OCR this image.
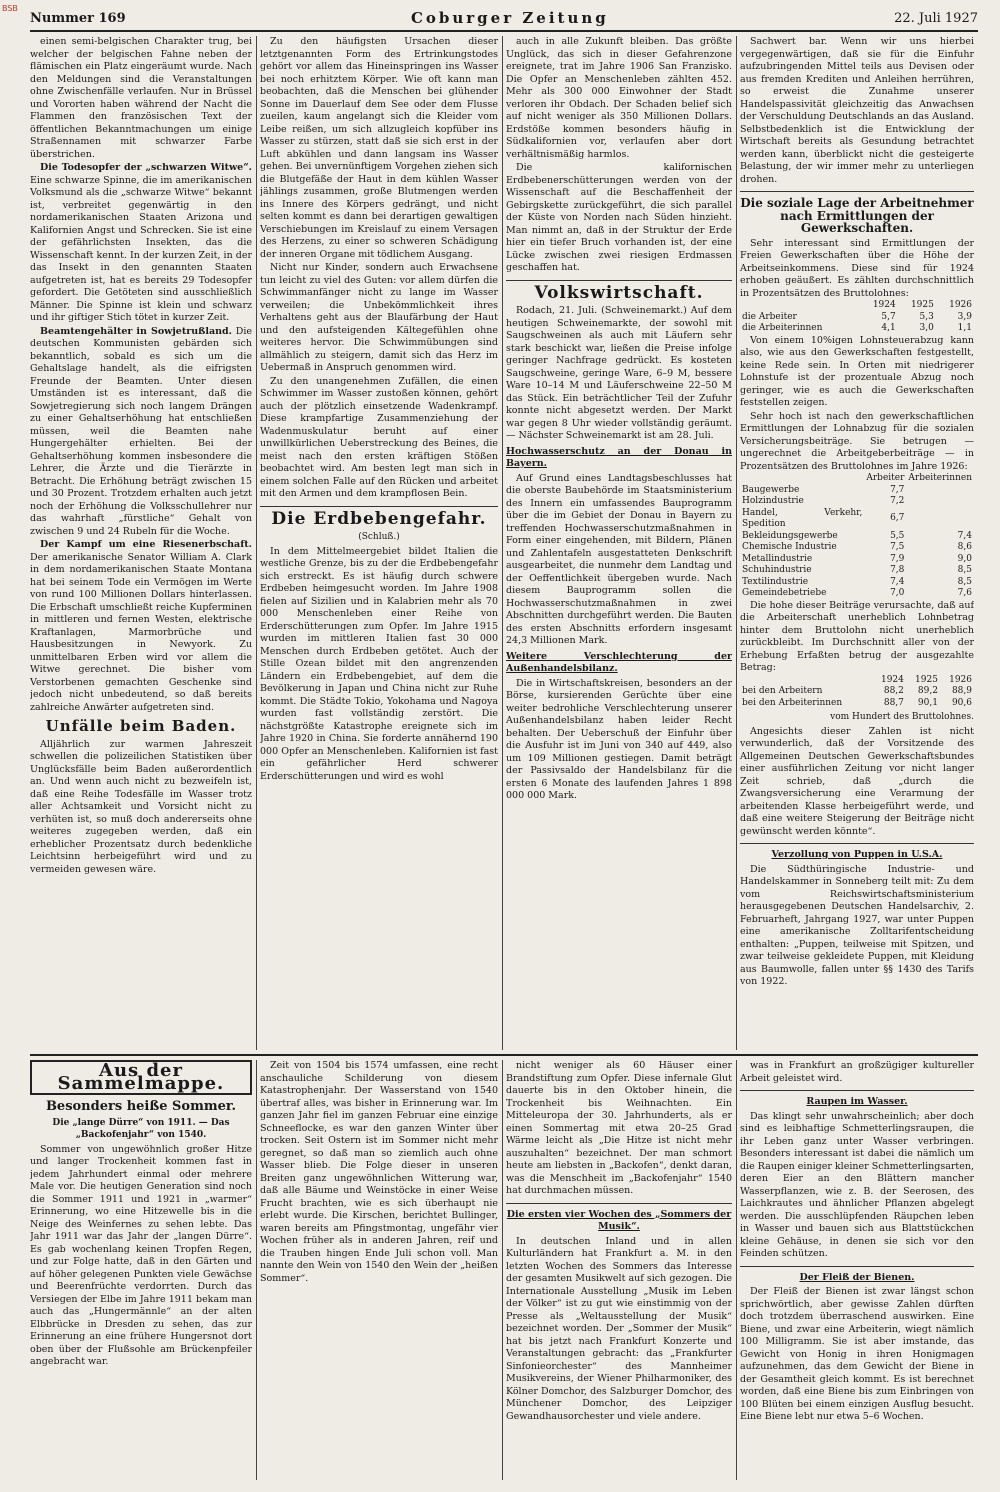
BSB
Nummer 169	Coburger Zeitung	22. Juli 1927

einen semi-belgischen Charakter trug, bei welcher der belgischen Fahne neben der flämischen ein Platz eingeräumt wurde. Nach den Meldungen sind die Veranstaltungen ohne Zwischenfälle verlaufen. Nur in Brüssel und Vororten haben während der Nacht die Flammen den französischen Text der öffentlichen Bekanntmachungen um einige Straßennamen mit schwarzer Farbe überstrichen.

Die Todesopfer der „schwarzen Witwe“. Eine schwarze Spinne, die im amerikanischen Volksmund als die „schwarze Witwe“ bekannt ist, verbreitet gegenwärtig in den nordamerikanischen Staaten Arizona und Kalifornien Angst und Schrecken. Sie ist eine der gefährlichsten Insekten, das die Wissenschaft kennt. In der kurzen Zeit, in der das Insekt in den genannten Staaten aufgetreten ist, hat es bereits 29 Todesopfer gefordert. Die Getöteten sind ausschließlich Männer. Die Spinne ist klein und schwarz und ihr giftiger Stich tötet in kurzer Zeit.

Beamtengehälter in Sowjetrußland. Die deutschen Kommunisten gebärden sich bekanntlich, sobald es sich um die Gehaltslage handelt, als die eifrigsten Freunde der Beamten. Unter diesen Umständen ist es interessant, daß die Sowjetregierung sich noch langem Drängen zu einer Gehaltserhöhung hat entschließen müssen, weil die Beamten nahe Hungergehälter erhielten. Bei der Gehaltserhöhung kommen insbesondere die Lehrer, die Ärzte und die Tierärzte in Betracht. Die Erhöhung beträgt zwischen 15 und 30 Prozent. Trotzdem erhalten auch jetzt noch der Erhöhung die Volksschullehrer nur das wahrhaft „fürstliche“ Gehalt von zwischen 9 und 24 Rubeln für die Woche.

Der Kampf um eine Riesenerbschaft. Der amerikanische Senator William A. Clark in dem nordamerikanischen Staate Montana hat bei seinem Tode ein Vermögen im Werte von rund 100 Millionen Dollars hinterlassen. Die Erbschaft umschließt reiche Kupferminen in mittleren und fernen Westen, elektrische Kraftanlagen, Marmorbrüche und Hausbesitzungen in Newyork. Zu unmittelbaren Erben wird vor allem die Witwe gerechnet. Die bisher vom Verstorbenen gemachten Geschenke sind jedoch nicht unbedeutend, so daß bereits zahlreiche Anwärter aufgetreten sind.

Unfälle beim Baden.

Alljährlich zur warmen Jahreszeit schwellen die polizeilichen Statistiken über Unglücksfälle beim Baden außerordentlich an. Und wenn auch nicht zu bezweifeln ist, daß eine Reihe Todesfälle im Wasser trotz aller Achtsamkeit und Vorsicht nicht zu verhüten ist, so muß doch andererseits ohne weiteres zugegeben werden, daß ein erheblicher Prozentsatz durch bedenkliche Leichtsinn herbeigeführt wird und zu vermeiden gewesen wäre.

Zu den häufigsten Ursachen dieser letztgenannten Form des Ertrinkungstodes gehört vor allem das Hineinspringen ins Wasser bei noch erhitztem Körper. Wie oft kann man beobachten, daß die Menschen bei glühender Sonne im Dauerlauf dem See oder dem Flusse zueilen, kaum angelangt sich die Kleider vom Leibe reißen, um sich allzugleich kopfüber ins Wasser zu stürzen, statt daß sie sich erst in der Luft abkühlen und dann langsam ins Wasser gehen. Bei unvernünftigem Vorgehen ziehen sich die Blutgefäße der Haut in dem kühlen Wasser jählings zusammen, große Blutmengen werden ins Innere des Körpers gedrängt, und nicht selten kommt es dann bei derartigen gewaltigen Verschiebungen im Kreislauf zu einem Versagen des Herzens, zu einer so schweren Schädigung der inneren Organe mit tödlichem Ausgang.

Nicht nur Kinder, sondern auch Erwachsene tun leicht zu viel des Guten: vor allem dürfen die Schwimmanfänger nicht zu lange im Wasser verweilen; die Unbekömmlichkeit ihres Verhaltens geht aus der Blaufärbung der Haut und den aufsteigenden Kältegefühlen ohne weiteres hervor. Die Schwimmübungen sind allmählich zu steigern, damit sich das Herz im Uebermaß in Anspruch genommen wird.

Zu den unangenehmen Zufällen, die einen Schwimmer im Wasser zustoßen können, gehört auch der plötzlich einsetzende Wadenkrampf. Diese krampfartige Zusammenziehung der Wadenmuskulatur beruht auf einer unwillkürlichen Ueberstreckung des Beines, die meist nach den ersten kräftigen Stößen beobachtet wird. Am besten legt man sich in einem solchen Falle auf den Rücken und arbeitet mit den Armen und dem krampflosen Bein.

Die Erdbebengefahr.
(Schluß.)

In dem Mittelmeergebiet bildet Italien die westliche Grenze, bis zu der die Erdbebengefahr sich erstreckt. Es ist häufig durch schwere Erdbeben heimgesucht worden. Im Jahre 1908 fielen auf Sizilien und in Kalabrien mehr als 70 000 Menschenleben einer Reihe von Erderschütterungen zum Opfer. Im Jahre 1915 wurden im mittleren Italien fast 30 000 Menschen durch Erdbeben getötet. Auch der Stille Ozean bildet mit den angrenzenden Ländern ein Erdbebengebiet, auf dem die Bevölkerung in Japan und China nicht zur Ruhe kommt. Die Städte Tokio, Yokohama und Nagoya wurden fast vollständig zerstört. Die nächstgrößte Katastrophe ereignete sich im Jahre 1920 in China. Sie forderte annähernd 190 000 Opfer an Menschenleben. Kalifornien ist fast ein gefährlicher Herd schwerer Erderschütterungen und wird es wohl

auch in alle Zukunft bleiben. Das größte Unglück, das sich in dieser Gefahrenzone ereignete, trat im Jahre 1906 San Franzisko. Die Opfer an Menschenleben zählten 452. Mehr als 300 000 Einwohner der Stadt verloren ihr Obdach. Der Schaden belief sich auf nicht weniger als 350 Millionen Dollars. Erdstöße kommen besonders häufig in Südkalifornien vor, verlaufen aber dort verhältnismäßig harmlos.

Die kalifornischen Erdbebenerschütterungen werden von der Wissenschaft auf die Beschaffenheit der Gebirgskette zurückgeführt, die sich parallel der Küste von Norden nach Süden hinzieht. Man nimmt an, daß in der Struktur der Erde hier ein tiefer Bruch vorhanden ist, der eine Lücke zwischen zwei riesigen Erdmassen geschaffen hat.

Volkswirtschaft.

Rodach, 21. Juli. (Schweinemarkt.) Auf dem heutigen Schweinemarkte, der sowohl mit Saugschweinen als auch mit Läufern sehr stark beschickt war, ließen die Preise infolge geringer Nachfrage gedrückt. Es kosteten Saugschweine, geringe Ware, 6–9 M, bessere Ware 10–14 M und Läuferschweine 22–50 M das Stück. Ein beträchtlicher Teil der Zufuhr konnte nicht abgesetzt werden. Der Markt war gegen 8 Uhr wieder vollständig geräumt. — Nächster Schweinemarkt ist am 28. Juli.

Hochwasserschutz an der Donau in Bayern.

Auf Grund eines Landtagsbeschlusses hat die oberste Baubehörde im Staatsministerium des Innern ein umfassendes Bauprogramm über die im Gebiet der Donau in Bayern zu treffenden Hochwasserschutzmaßnahmen in Form einer eingehenden, mit Bildern, Plänen und Zahlentafeln ausgestatteten Denkschrift ausgearbeitet, die nunmehr dem Landtag und der Oeffentlichkeit übergeben wurde. Nach diesem Bauprogramm sollen die Hochwasserschutzmaßnahmen in zwei Abschnitten durchgeführt werden. Die Bauten des ersten Abschnitts erfordern insgesamt 24,3 Millionen Mark.

Weitere Verschlechterung der Außenhandelsbilanz.

Die in Wirtschaftskreisen, besonders an der Börse, kursierenden Gerüchte über eine weiter bedrohliche Verschlechterung unserer Außenhandelsbilanz haben leider Recht behalten. Der Ueberschuß der Einfuhr über die Ausfuhr ist im Juni von 340 auf 449, also um 109 Millionen gestiegen. Damit beträgt der Passivsaldo der Handelsbilanz für die ersten 6 Monate des laufenden Jahres 1 898 000 000 Mark.

Sachwert bar. Wenn wir uns hierbei vergegenwärtigen, daß sie für die Einfuhr aufzubringenden Mittel teils aus Devisen oder aus fremden Krediten und Anleihen herrühren, so erweist die Zunahme unserer Handelspassivität gleichzeitig das Anwachsen der Verschuldung Deutschlands an das Ausland. Selbstbedenklich ist die Entwicklung der Wirtschaft bereits als Gesundung betrachtet werden kann, überblickt nicht die gesteigerte Belastung, der wir immer mehr zu unterliegen drohen.

Die soziale Lage der Arbeitnehmer nach Ermittlungen der Gewerkschaften.

Sehr interessant sind Ermittlungen der Freien Gewerkschaften über die Höhe der Arbeitseinkommens. Diese sind für 1924 erhoben geäußert. Es zählten durchschnittlich in Prozentsätzen des Bruttolohnes:

	1924	1925	1926
die Arbeiter	5,7	5,3	3,9
die Arbeiterinnen	4,1	3,0	1,1

Von einem 10%igen Lohnsteuerabzug kann also, wie aus den Gewerkschaften festgestellt, keine Rede sein. In Orten mit niedrigerer Lohnstufe ist der prozentuale Abzug noch geringer, wie es auch die Gewerkschaften feststellen zeigen.

Sehr hoch ist nach den gewerkschaftlichen Ermittlungen der Lohnabzug für die sozialen Versicherungsbeiträge. Sie betrugen — ungerechnet die Arbeitgeberbeiträge — in Prozentsätzen des Bruttolohnes im Jahre 1926:

	Arbeiter	Arbeiterinnen
Baugewerbe	7,7	
Holzindustrie	7,2	
Handel, Verkehr, Spedition	6,7	
Bekleidungsgewerbe	5,5	7,4
Chemische Industrie	7,5	8,6
Metallindustrie	7,9	9,0
Schuhindustrie	7,8	8,5
Textilindustrie	7,4	8,5
Gemeindebetriebe	7,0	7,6

Die hohe dieser Beiträge verursachte, daß auf die Arbeiterschaft unerheblich Lohnbetrag hinter dem Bruttolohn nicht unerheblich zurückbleibt. Im Durchschnitt aller von der Erhebung Erfaßten betrug der ausgezahlte Betrag:

	1924	1925	1926
bei den Arbeitern	88,2	89,2	88,9
bei den Arbeiterinnen	88,7	90,1	90,6
vom Hundert des Bruttolohnes.

Angesichts dieser Zahlen ist nicht verwunderlich, daß der Vorsitzende des Allgemeinen Deutschen Gewerkschaftsbundes einer ausführlichen Zeitung vor nicht langer Zeit schrieb, daß „durch die Zwangsversicherung eine Verarmung der arbeitenden Klasse herbeigeführt werde, und daß eine weitere Steigerung der Beiträge nicht gewünscht werden könnte“.

Verzollung von Puppen in U.S.A.

Die Südthüringische Industrie- und Handelskammer in Sonneberg teilt mit: Zu dem vom Reichswirtschaftsministerium herausgegebenen Deutschen Handelsarchiv, 2. Februarheft, Jahrgang 1927, war unter Puppen eine amerikanische Zolltarifentscheidung enthalten: „Puppen, teilweise mit Spitzen, und zwar teilweise gekleidete Puppen, mit Kleidung aus Baumwolle, fallen unter §§ 1430 des Tarifs von 1922.

Aus der Sammelmappe.
Besonders heiße Sommer.
Die „lange Dürre“ von 1911. — Das „Backofenjahr“ von 1540.

Sommer von ungewöhnlich großer Hitze und langer Trockenheit kommen fast in jedem Jahrhundert einmal oder mehrere Male vor. Die heutigen Generation sind noch die Sommer 1911 und 1921 in „warmer“ Erinnerung, wo eine Hitzewelle bis in die Neige des Weinfernes zu sehen lebte. Das Jahr 1911 war das Jahr der „langen Dürre“. Es gab wochenlang keinen Tropfen Regen, und zur Folge hatte, daß in den Gärten und auf höher gelegenen Punkten viele Gewächse und Beerenfrüchte verdorrten. Durch das Versiegen der Elbe im Jahre 1911 bekam man auch das „Hungermännle“ an der alten Elbbrücke in Dresden zu sehen, das zur Erinnerung an eine frühere Hungersnot dort oben über der Flußsohle am Brückenpfeiler angebracht war.

Zeit von 1504 bis 1574 umfassen, eine recht anschauliche Schilderung von diesem Katastrophenjahr. Der Wasserstand von 1540 übertraf alles, was bisher in Erinnerung war. Im ganzen Jahr fiel im ganzen Februar eine einzige Schneeflocke, es war den ganzen Winter über trocken. Seit Ostern ist im Sommer nicht mehr geregnet, so daß man so ziemlich auch ohne Wasser blieb. Die Folge dieser in unseren Breiten ganz ungewöhnlichen Witterung war, daß alle Bäume und Weinstöcke in einer Weise Frucht brachten, wie es sich überhaupt nie erlebt wurde. Die Kirschen, berichtet Bullinger, waren bereits am Pfingstmontag, ungefähr vier Wochen früher als in anderen Jahren, reif und die Trauben hingen Ende Juli schon voll. Man nannte den Wein von 1540 den Wein der „heißen Sommer“.

nicht weniger als 60 Häuser einer Brandstiftung zum Opfer. Diese infernale Glut dauerte bis in den Oktober hinein, die Trockenheit bis Weihnachten. Ein Mitteleuropa der 30. Jahrhunderts, als er einen Sommertag mit etwa 20–25 Grad Wärme leicht als „Die Hitze ist nicht mehr auszuhalten“ bezeichnet. Der man schmort heute am liebsten in „Backofen“, denkt daran, was die Menschheit im „Backofenjahr“ 1540 hat durchmachen müssen.

Die ersten vier Wochen des „Sommers der Musik“.

In deutschen Inland und in allen Kulturländern hat Frankfurt a. M. in den letzten Wochen des Sommers das Interesse der gesamten Musikwelt auf sich gezogen. Die Internationale Ausstellung „Musik im Leben der Völker“ ist zu gut wie einstimmig von der Presse als „Weltausstellung der Musik“ bezeichnet worden. Der „Sommer der Musik“ hat bis jetzt nach Frankfurt Konzerte und Veranstaltungen gebracht: das „Frankfurter Sinfonieorchester“ des Mannheimer Musikvereins, der Wiener Philharmoniker, des Kölner Domchor, des Salzburger Domchor, des Münchener Domchor, des Leipziger Gewandhausorchester und viele andere.

was in Frankfurt an großzügiger kultureller Arbeit geleistet wird.

Raupen im Wasser.

Das klingt sehr unwahrscheinlich; aber doch sind es leibhaftige Schmetterlingsraupen, die ihr Leben ganz unter Wasser verbringen. Besonders interessant ist dabei die nämlich um die Raupen einiger kleiner Schmetterlingsarten, deren Eier an den Blättern mancher Wasserpflanzen, wie z. B. der Seerosen, des Laichkrautes und ähnlicher Pflanzen abgelegt werden. Die ausschlüpfenden Räupchen leben in Wasser und bauen sich aus Blattstückchen kleine Gehäuse, in denen sie sich vor den Feinden schützen.

Der Fleiß der Bienen.

Der Fleiß der Bienen ist zwar längst schon sprichwörtlich, aber gewisse Zahlen dürften doch trotzdem überraschend auswirken. Eine Biene, und zwar eine Arbeiterin, wiegt nämlich 100 Milligramm. Sie ist aber imstande, das Gewicht von Honig in ihren Honigmagen aufzunehmen, das dem Gewicht der Biene in der Gesamtheit gleich kommt. Es ist berechnet worden, daß eine Biene bis zum Einbringen von 100 Blüten bei einem einzigen Ausflug besucht. Eine Biene lebt nur etwa 5–6 Wochen.
